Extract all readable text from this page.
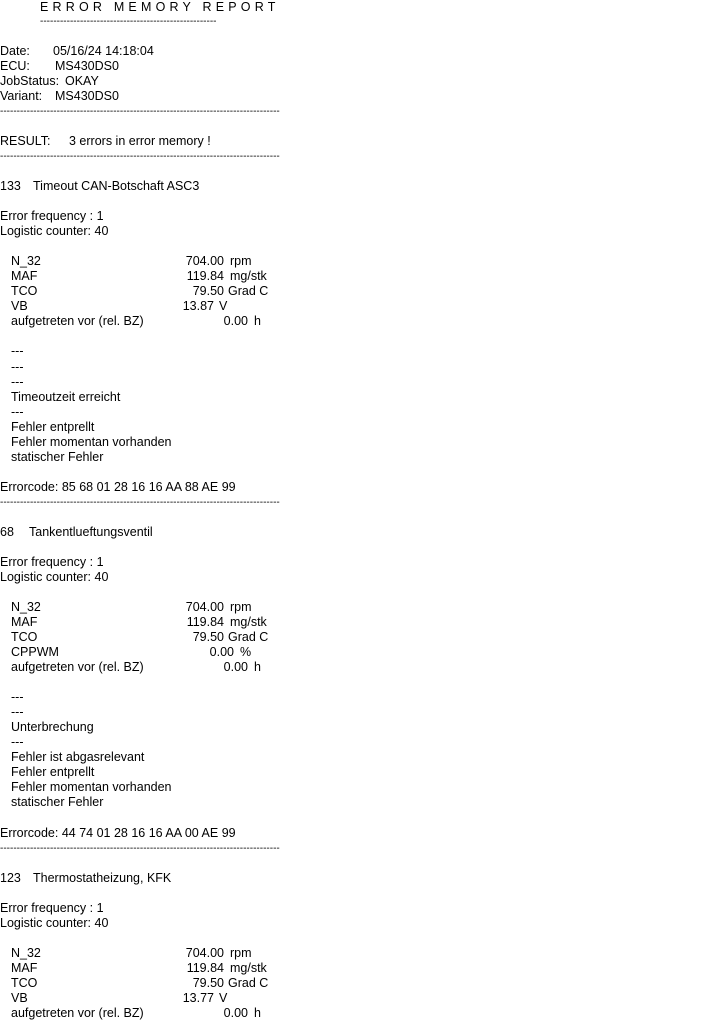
ERROR MEMORY REPORT
-----------------------------------------------------
Date: 05/16/24 14:18:04
ECU: MS430DS0
JobStatus: OKAY
Variant: MS430DS0
------------------------------------------------------------------------------------
RESULT: 3 errors in error memory !
------------------------------------------------------------------------------------
133 Timeout CAN-Botschaft ASC3
Error frequency : 1
Logistic counter: 40
N_32	704.00 rpm
MAF	119.84 mg/stk
TCO	79.50 Grad C
VB	13.87 V
aufgetreten vor (rel. BZ)	0.00 h
---
---
---
Timeoutzeit erreicht
---
Fehler entprellt
Fehler momentan vorhanden
statischer Fehler
Errorcode: 85 68 01 28 16 16 AA 88 AE 99
------------------------------------------------------------------------------------
68 Tankentlueftungsventil
Error frequency : 1
Logistic counter: 40
N_32	704.00 rpm
MAF	119.84 mg/stk
TCO	79.50 Grad C
CPPWM	0.00 %
aufgetreten vor (rel. BZ)	0.00 h
---
---
Unterbrechung
---
Fehler ist abgasrelevant
Fehler entprellt
Fehler momentan vorhanden
statischer Fehler
Errorcode: 44 74 01 28 16 16 AA 00 AE 99
------------------------------------------------------------------------------------
123 Thermostatheizung, KFK
Error frequency : 1
Logistic counter: 40
N_32	704.00 rpm
MAF	119.84 mg/stk
TCO	79.50 Grad C
VB	13.77 V
aufgetreten vor (rel. BZ)	0.00 h
